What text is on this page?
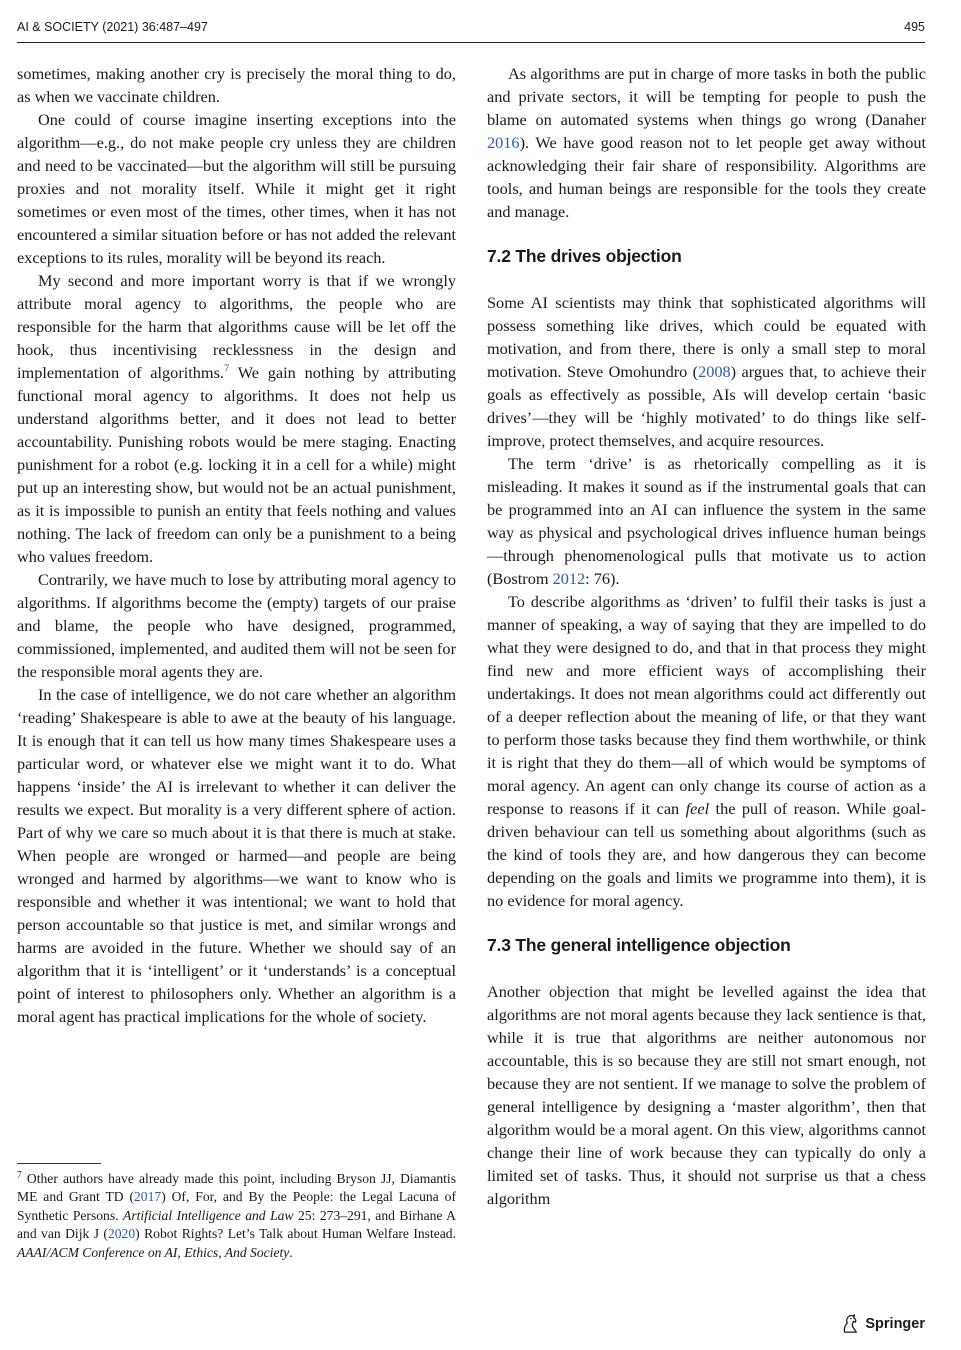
AI & SOCIETY (2021) 36:487–497	495

sometimes, making another cry is precisely the moral thing to do, as when we vaccinate children.

One could of course imagine inserting exceptions into the algorithm—e.g., do not make people cry unless they are children and need to be vaccinated—but the algorithm will still be pursuing proxies and not morality itself. While it might get it right sometimes or even most of the times, other times, when it has not encountered a similar situation before or has not added the relevant exceptions to its rules, morality will be beyond its reach.

My second and more important worry is that if we wrongly attribute moral agency to algorithms, the people who are responsible for the harm that algorithms cause will be let off the hook, thus incentivising recklessness in the design and implementation of algorithms.$^7$ We gain nothing by attributing functional moral agency to algorithms. It does not help us understand algorithms better, and it does not lead to better accountability. Punishing robots would be mere staging. Enacting punishment for a robot (e.g. locking it in a cell for a while) might put up an interesting show, but would not be an actual punishment, as it is impossible to punish an entity that feels nothing and values nothing. The lack of freedom can only be a punishment to a being who values freedom.

Contrarily, we have much to lose by attributing moral agency to algorithms. If algorithms become the (empty) targets of our praise and blame, the people who have designed, programmed, commissioned, implemented, and audited them will not be seen for the responsible moral agents they are.

In the case of intelligence, we do not care whether an algorithm ‘reading’ Shakespeare is able to awe at the beauty of his language. It is enough that it can tell us how many times Shakespeare uses a particular word, or whatever else we might want it to do. What happens ‘inside’ the AI is irrelevant to whether it can deliver the results we expect. But morality is a very different sphere of action. Part of why we care so much about it is that there is much at stake. When people are wronged or harmed—and people are being wronged and harmed by algorithms—we want to know who is responsible and whether it was intentional; we want to hold that person accountable so that justice is met, and similar wrongs and harms are avoided in the future. Whether we should say of an algorithm that it is ‘intelligent’ or it ‘understands’ is a conceptual point of interest to philosophers only. Whether an algorithm is a moral agent has practical implications for the whole of society.

$^7$ Other authors have already made this point, including Bryson JJ, Diamantis ME and Grant TD (2017) Of, For, and By the People: the Legal Lacuna of Synthetic Persons. Artificial Intelligence and Law 25: 273–291, and Birhane A and van Dijk J (2020) Robot Rights? Let’s Talk about Human Welfare Instead. AAAI/ACM Conference on AI, Ethics, And Society.

As algorithms are put in charge of more tasks in both the public and private sectors, it will be tempting for people to push the blame on automated systems when things go wrong (Danaher 2016). We have good reason not to let people get away without acknowledging their fair share of responsibility. Algorithms are tools, and human beings are responsible for the tools they create and manage.

7.2 The drives objection

Some AI scientists may think that sophisticated algorithms will possess something like drives, which could be equated with motivation, and from there, there is only a small step to moral motivation. Steve Omohundro (2008) argues that, to achieve their goals as effectively as possible, AIs will develop certain ‘basic drives’—they will be ‘highly motivated’ to do things like self-improve, protect themselves, and acquire resources.

The term ‘drive’ is as rhetorically compelling as it is misleading. It makes it sound as if the instrumental goals that can be programmed into an AI can influence the system in the same way as physical and psychological drives influence human beings—through phenomenological pulls that motivate us to action (Bostrom 2012: 76).

To describe algorithms as ‘driven’ to fulfil their tasks is just a manner of speaking, a way of saying that they are impelled to do what they were designed to do, and that in that process they might find new and more efficient ways of accomplishing their undertakings. It does not mean algorithms could act differently out of a deeper reflection about the meaning of life, or that they want to perform those tasks because they find them worthwhile, or think it is right that they do them—all of which would be symptoms of moral agency. An agent can only change its course of action as a response to reasons if it can feel the pull of reason. While goal-driven behaviour can tell us something about algorithms (such as the kind of tools they are, and how dangerous they can become depending on the goals and limits we programme into them), it is no evidence for moral agency.

7.3 The general intelligence objection

Another objection that might be levelled against the idea that algorithms are not moral agents because they lack sentience is that, while it is true that algorithms are neither autonomous nor accountable, this is so because they are still not smart enough, not because they are not sentient. If we manage to solve the problem of general intelligence by designing a ‘master algorithm’, then that algorithm would be a moral agent. On this view, algorithms cannot change their line of work because they can typically do only a limited set of tasks. Thus, it should not surprise us that a chess algorithm

Springer
